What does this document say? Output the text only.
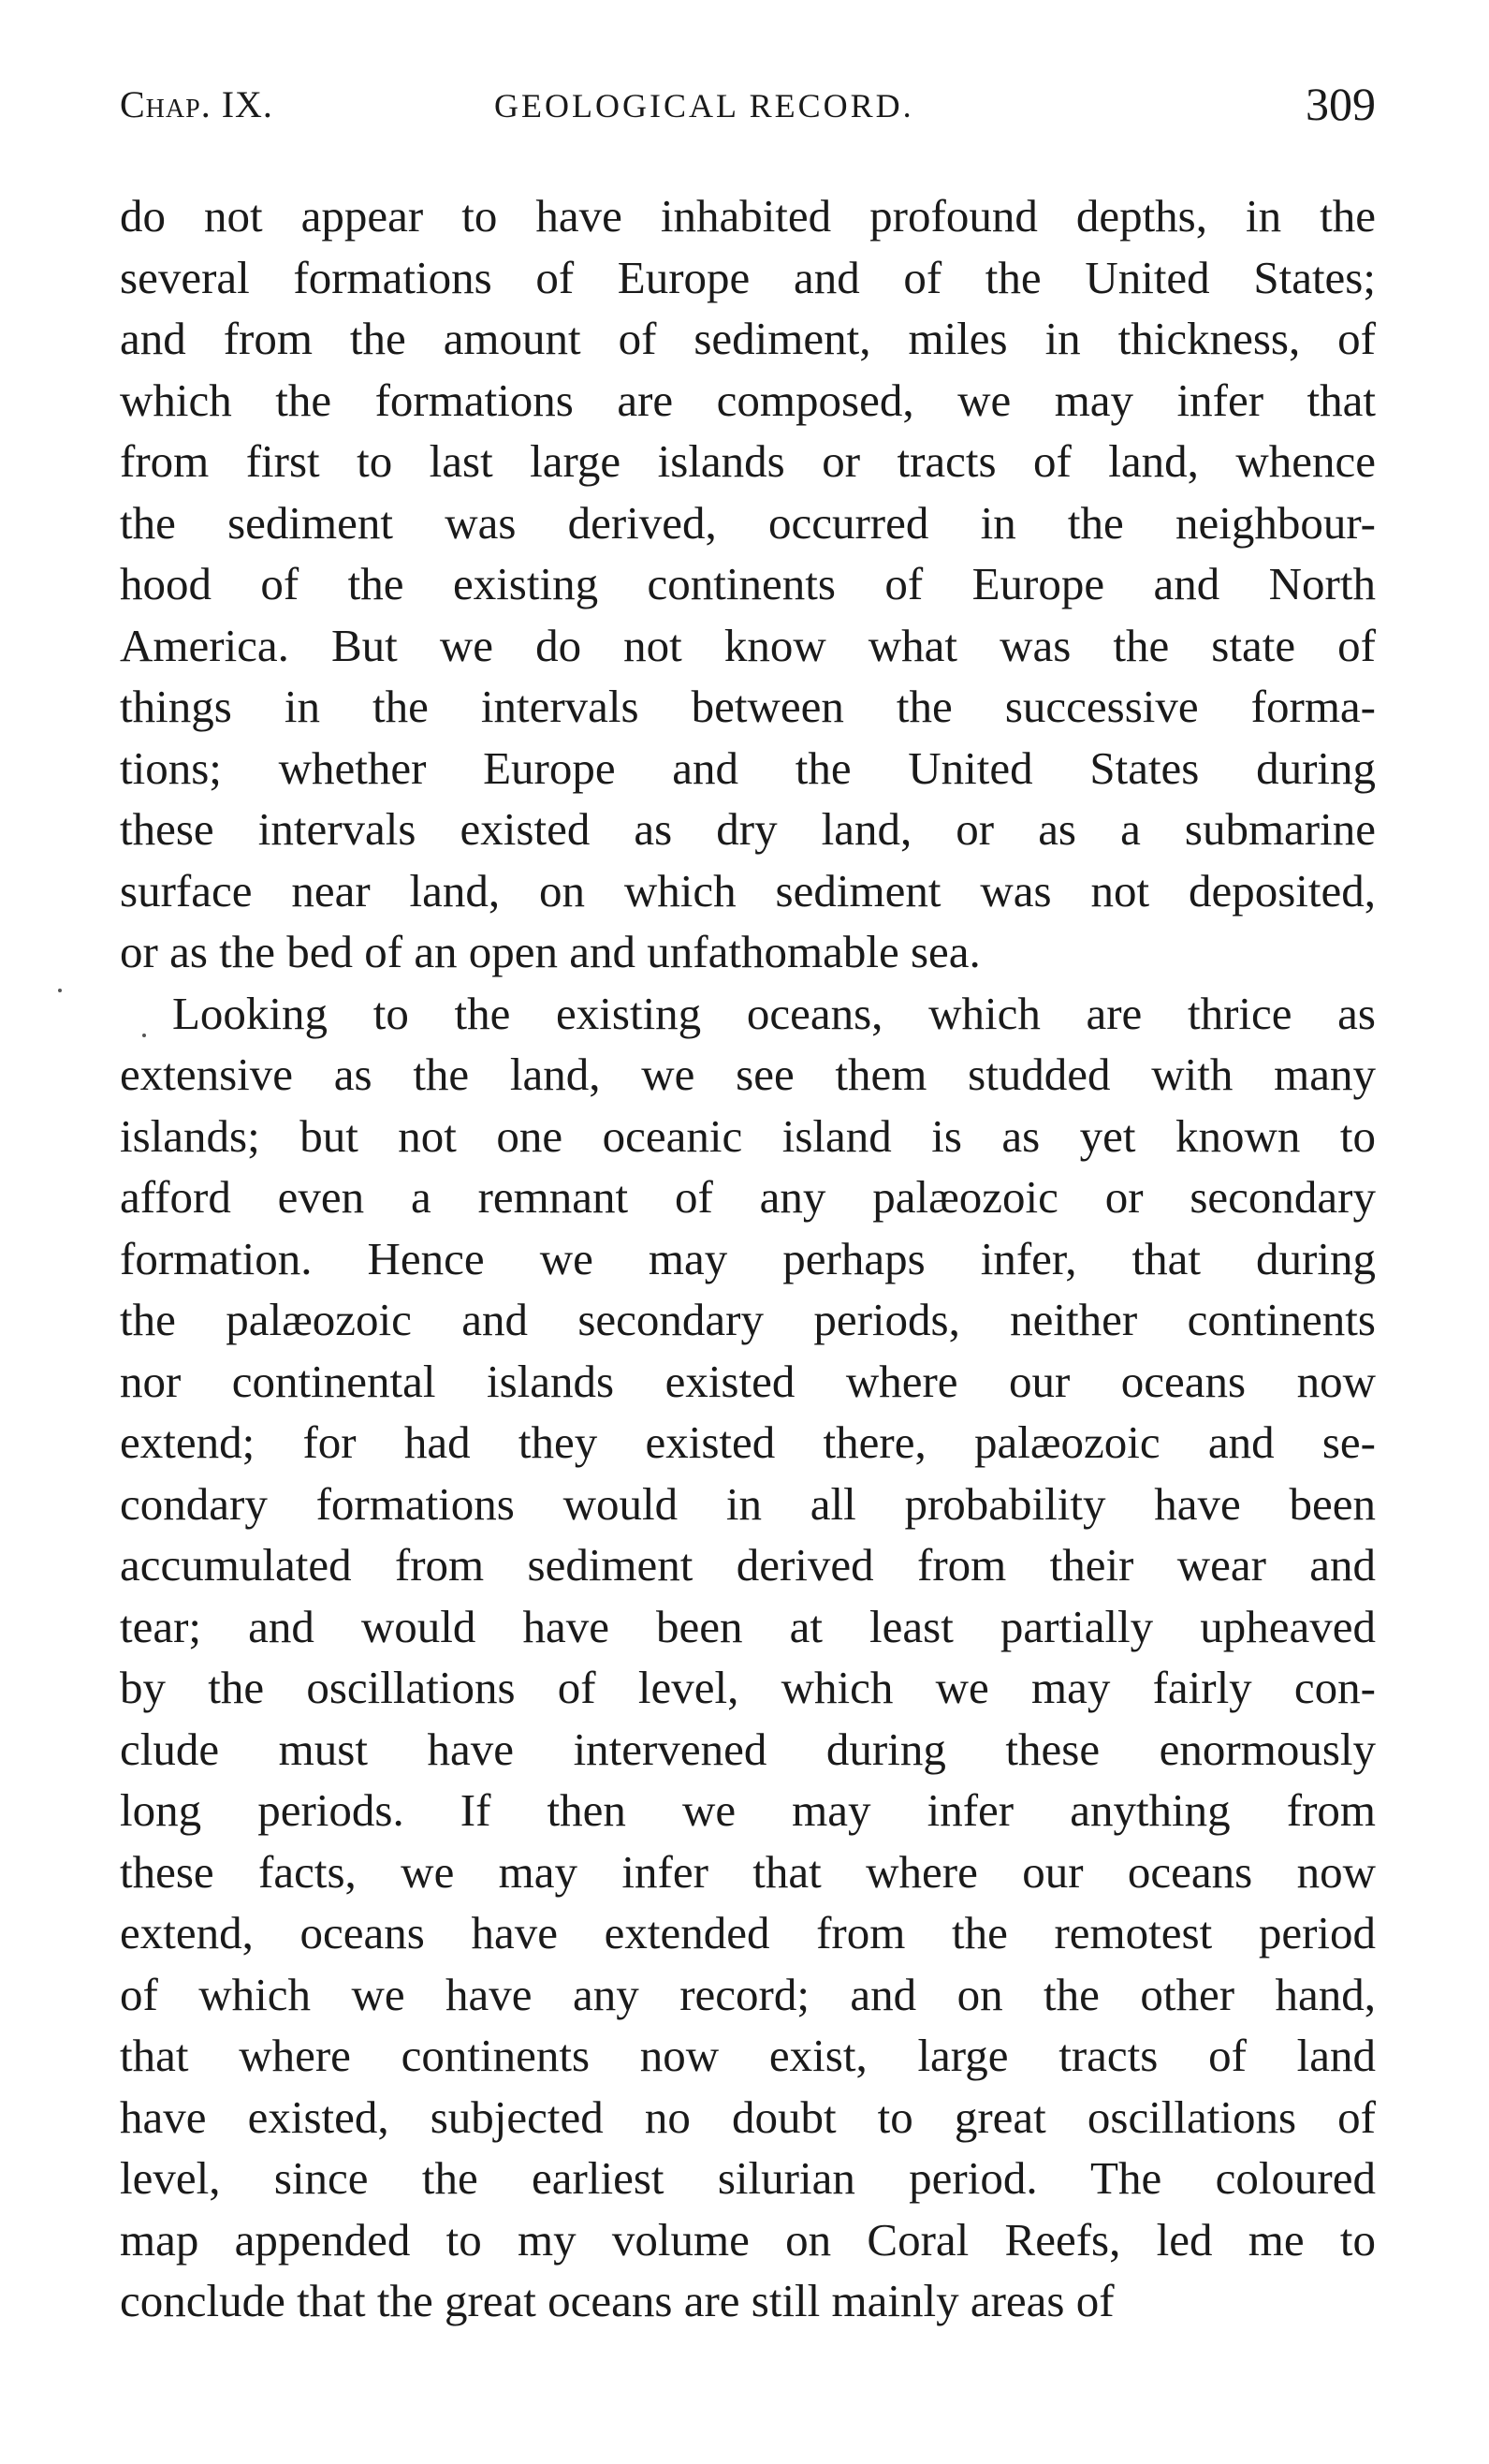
Chap. IX.	GEOLOGICAL RECORD.	309
do not appear to have inhabited profound depths, in the
several formations of Europe and of the United States;
and from the amount of sediment, miles in thickness, of
which the formations are composed, we may infer that
from first to last large islands or tracts of land, whence
the sediment was derived, occurred in the neighbour-
hood of the existing continents of Europe and North
America. But we do not know what was the state of
things in the intervals between the successive forma-
tions; whether Europe and the United States during
these intervals existed as dry land, or as a submarine
surface near land, on which sediment was not deposited,
or as the bed of an open and unfathomable sea.
Looking to the existing oceans, which are thrice as
extensive as the land, we see them studded with many
islands; but not one oceanic island is as yet known to
afford even a remnant of any palæozoic or secondary
formation. Hence we may perhaps infer, that during
the palæozoic and secondary periods, neither continents
nor continental islands existed where our oceans now
extend; for had they existed there, palæozoic and se-
condary formations would in all probability have been
accumulated from sediment derived from their wear and
tear; and would have been at least partially upheaved
by the oscillations of level, which we may fairly con-
clude must have intervened during these enormously
long periods. If then we may infer anything from
these facts, we may infer that where our oceans now
extend, oceans have extended from the remotest period
of which we have any record; and on the other hand,
that where continents now exist, large tracts of land
have existed, subjected no doubt to great oscillations of
level, since the earliest silurian period. The coloured
map appended to my volume on Coral Reefs, led me to
conclude that the great oceans are still mainly areas of
